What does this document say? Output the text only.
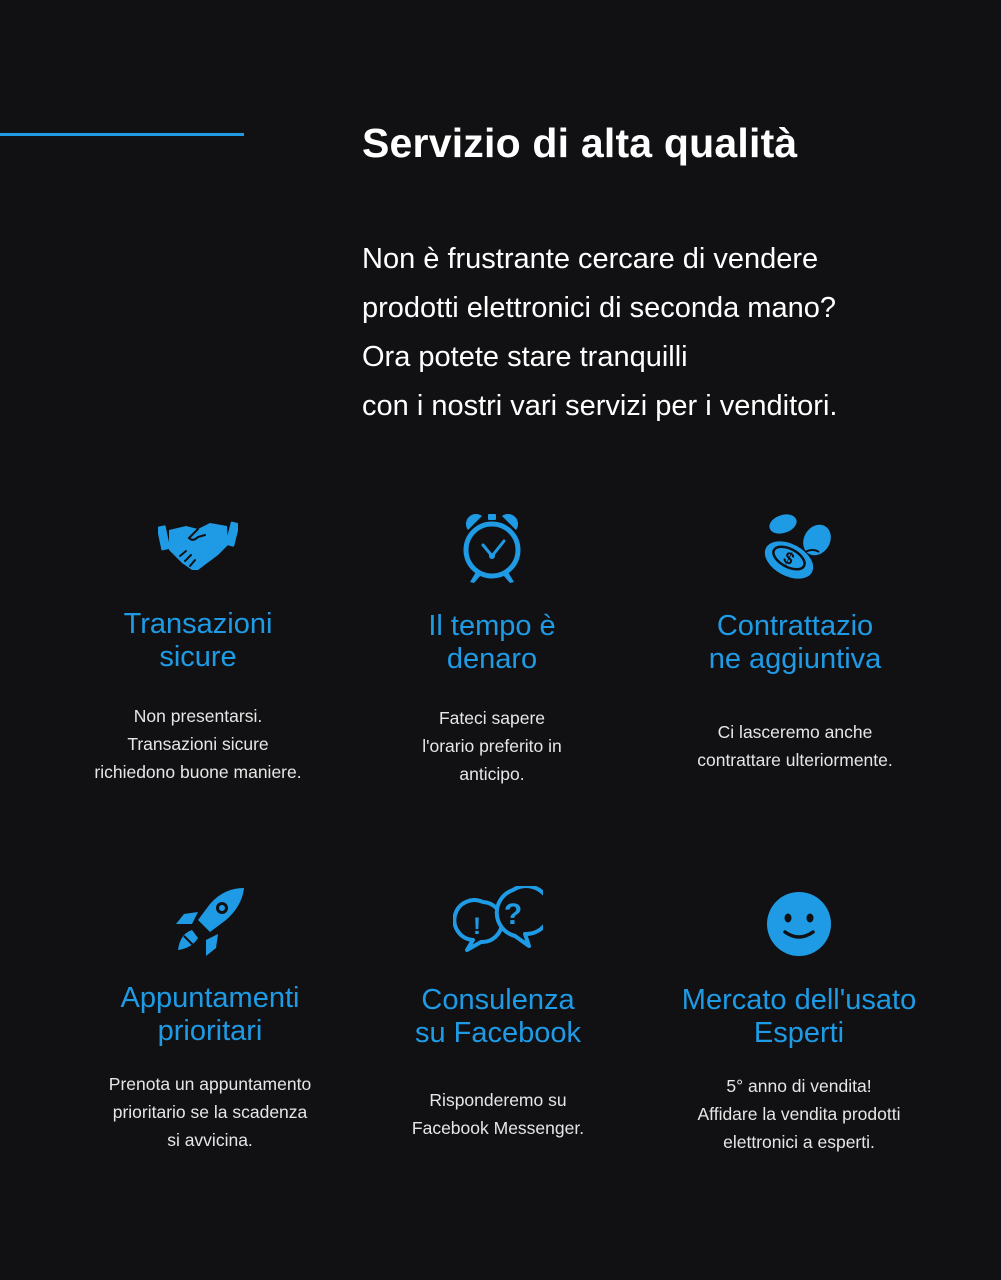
Servizio di alta qualità
Non è frustrante cercare di vendere
prodotti elettronici di seconda mano?
Ora potete stare tranquilli
con i nostri vari servizi per i venditori.
Transazioni
sicure
Non presentarsi.
Transazioni sicure
richiedono buone maniere.
Il tempo è
denaro
Fateci sapere
l'orario preferito in
anticipo.
$
Contrattazio
ne aggiuntiva
Ci lasceremo anche
contrattare ulteriormente.
Appuntamenti
prioritari
Prenota un appuntamento
prioritario se la scadenza
si avvicina.
! ?
Consulenza
su Facebook
Risponderemo su
Facebook Messenger.
Mercato dell'usato
Esperti
5° anno di vendita!
Affidare la vendita prodotti
elettronici a esperti.
